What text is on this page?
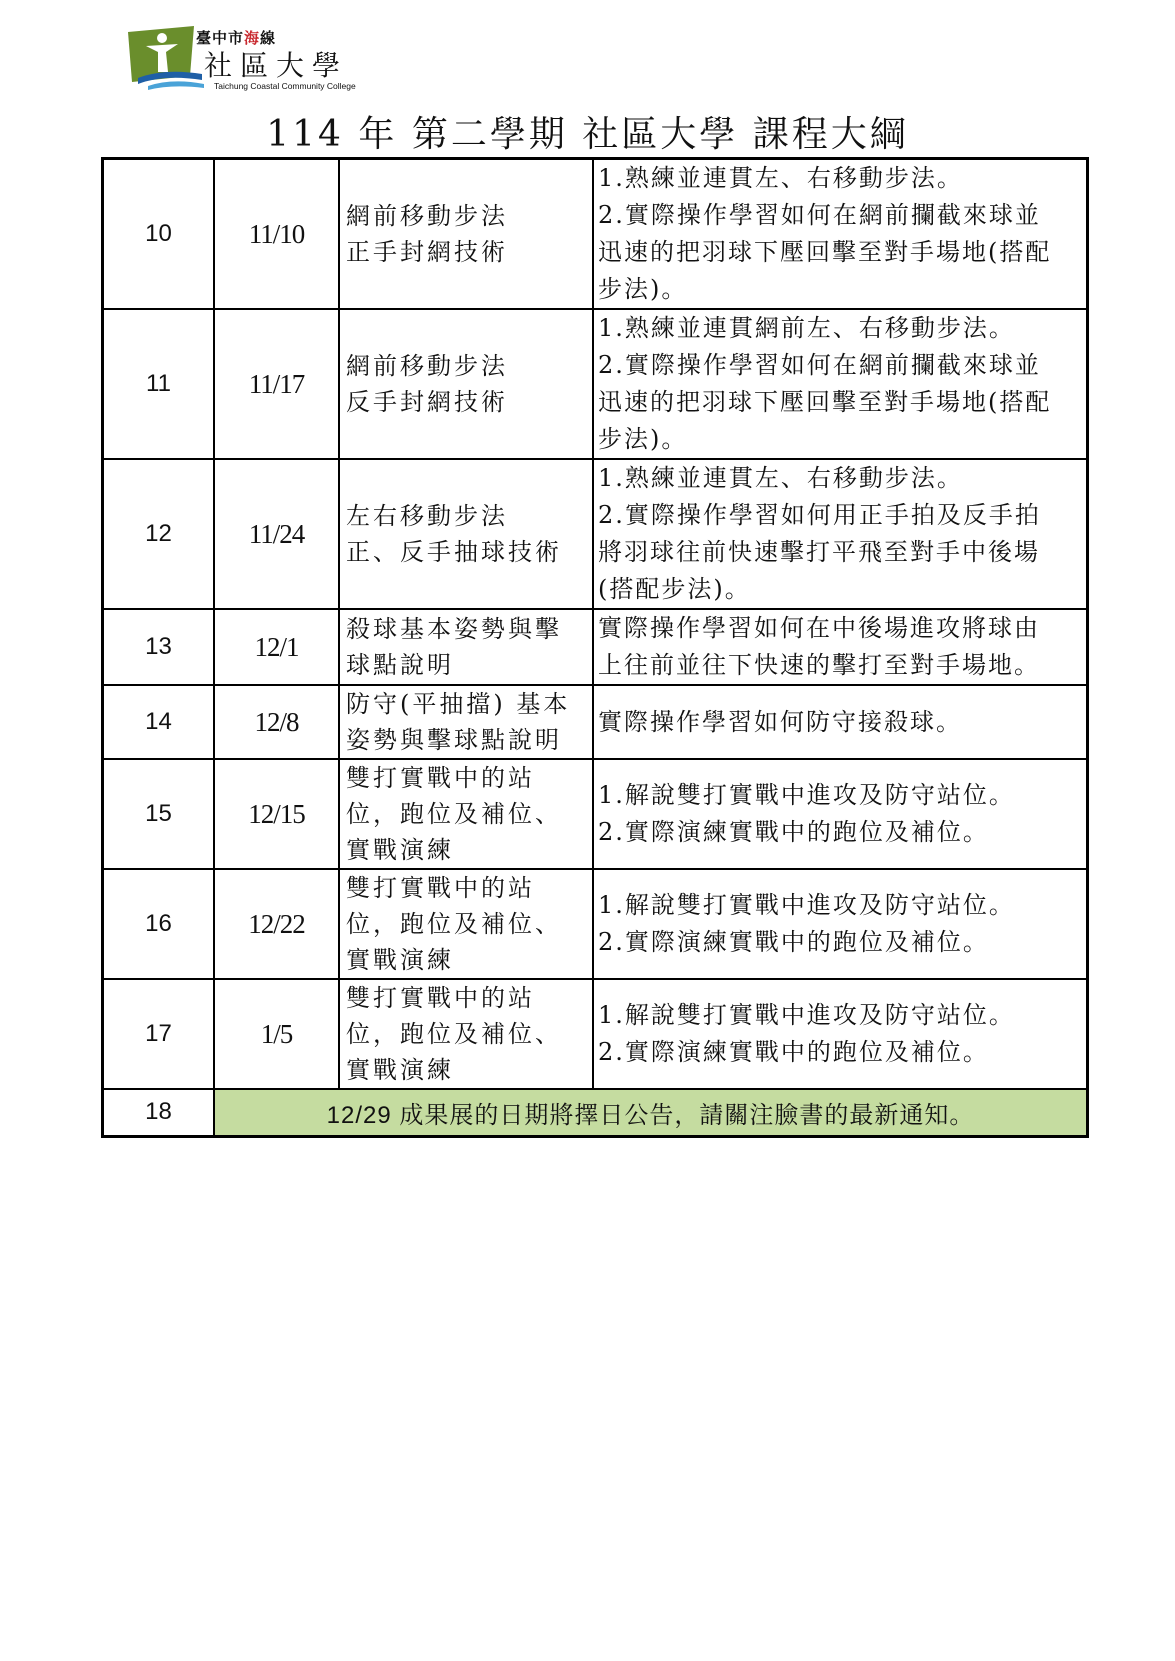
臺中市海線
社區大學
Taichung Coastal Community College
114 年 第二學期 社區大學 課程大綱
10	11/10	網前移動步法
正手封網技術	1.熟練並連貫左、右移動步法。
2.實際操作學習如何在網前攔截來球並
迅速的把羽球下壓回擊至對手場地(搭配
步法)。

11	11/17	網前移動步法
反手封網技術	1.熟練並連貫網前左、右移動步法。
2.實際操作學習如何在網前攔截來球並
迅速的把羽球下壓回擊至對手場地(搭配
步法)。

12	11/24	左右移動步法
正、反手抽球技術	1.熟練並連貫左、右移動步法。
2.實際操作學習如何用正手拍及反手拍
將羽球往前快速擊打平飛至對手中後場
(搭配步法)。

13	12/1	殺球基本姿勢與擊
球點說明	實際操作學習如何在中後場進攻將球由
上往前並往下快速的擊打至對手場地。

14	12/8	防守(平抽擋) 基本
姿勢與擊球點說明	實際操作學習如何防守接殺球。

15	12/15	雙打實戰中的站
位，跑位及補位、
實戰演練	1.解說雙打實戰中進攻及防守站位。
2.實際演練實戰中的跑位及補位。

16	12/22	雙打實戰中的站
位，跑位及補位、
實戰演練	1.解說雙打實戰中進攻及防守站位。
2.實際演練實戰中的跑位及補位。

17	1/5	雙打實戰中的站
位，跑位及補位、
實戰演練	1.解說雙打實戰中進攻及防守站位。
2.實際演練實戰中的跑位及補位。

18	12/29 成果展的日期將擇日公告，請關注臉書的最新通知。		
